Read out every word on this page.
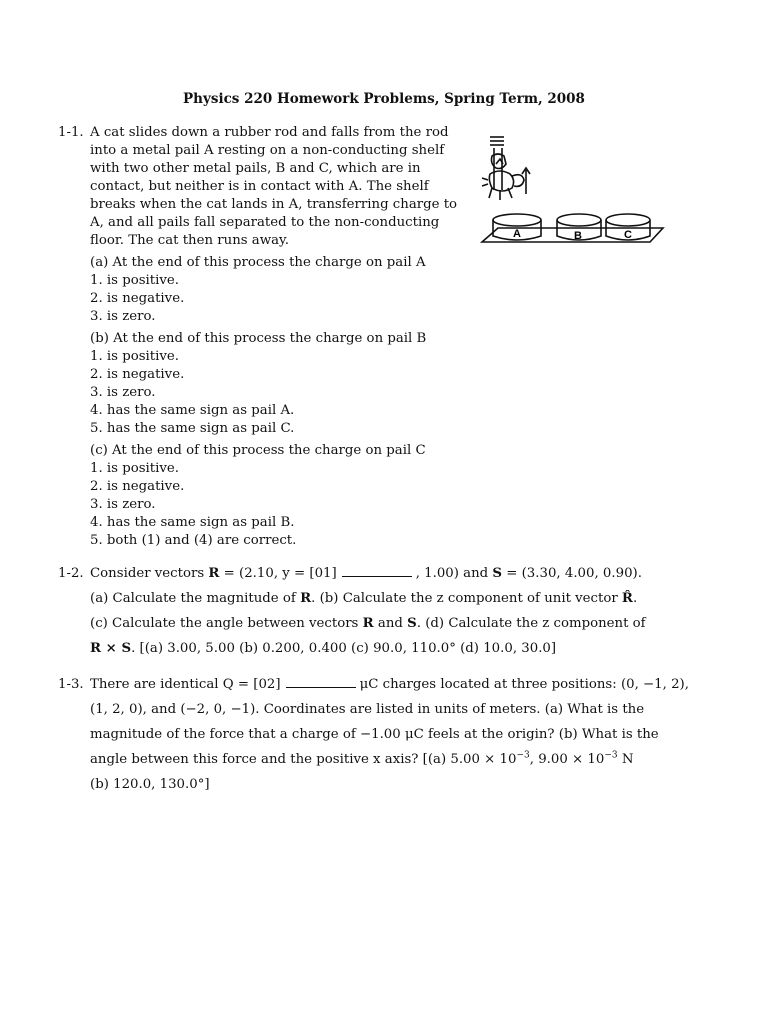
Physics 220 Homework Problems, Spring Term, 2008
1-1. A cat slides down a rubber rod and falls from the rod
into a metal pail A resting on a non-conducting shelf
with two other metal pails, B and C, which are in
contact, but neither is in contact with A. The shelf
breaks when the cat lands in A, transferring charge to
A, and all pails fall separated to the non-conducting
floor. The cat then runs away.
(a) At the end of this process the charge on pail A
1. is positive.
2. is negative.
3. is zero.
(b) At the end of this process the charge on pail B
1. is positive.
2. is negative.
3. is zero.
4. has the same sign as pail A.
5. has the same sign as pail C.
(c) At the end of this process the charge on pail C
1. is positive.
2. is negative.
3. is zero.
4. has the same sign as pail B.
5. both (1) and (4) are correct.
A	B	C
1-2. Consider vectors R = (2.10, y = [01]	, 1.00) and S = (3.30, 4.00, 0.90).
(a) Calculate the magnitude of R. (b) Calculate the z component of unit vector R̂.
(c) Calculate the angle between vectors R and S. (d) Calculate the z component of
R × S. [(a) 3.00, 5.00 (b) 0.200, 0.400 (c) 90.0, 110.0° (d) 10.0, 30.0]
1-3. There are identical Q = [02]	μC charges located at three positions: (0, −1, 2),
(1, 2, 0), and (−2, 0, −1). Coordinates are listed in units of meters. (a) What is the
magnitude of the force that a charge of −1.00 μC feels at the origin? (b) What is the
angle between this force and the positive x axis? [(a) $5.00 \times 10^{-3}$, $9.00 \times 10^{-3}$ N
(b) 120.0, 130.0°]
